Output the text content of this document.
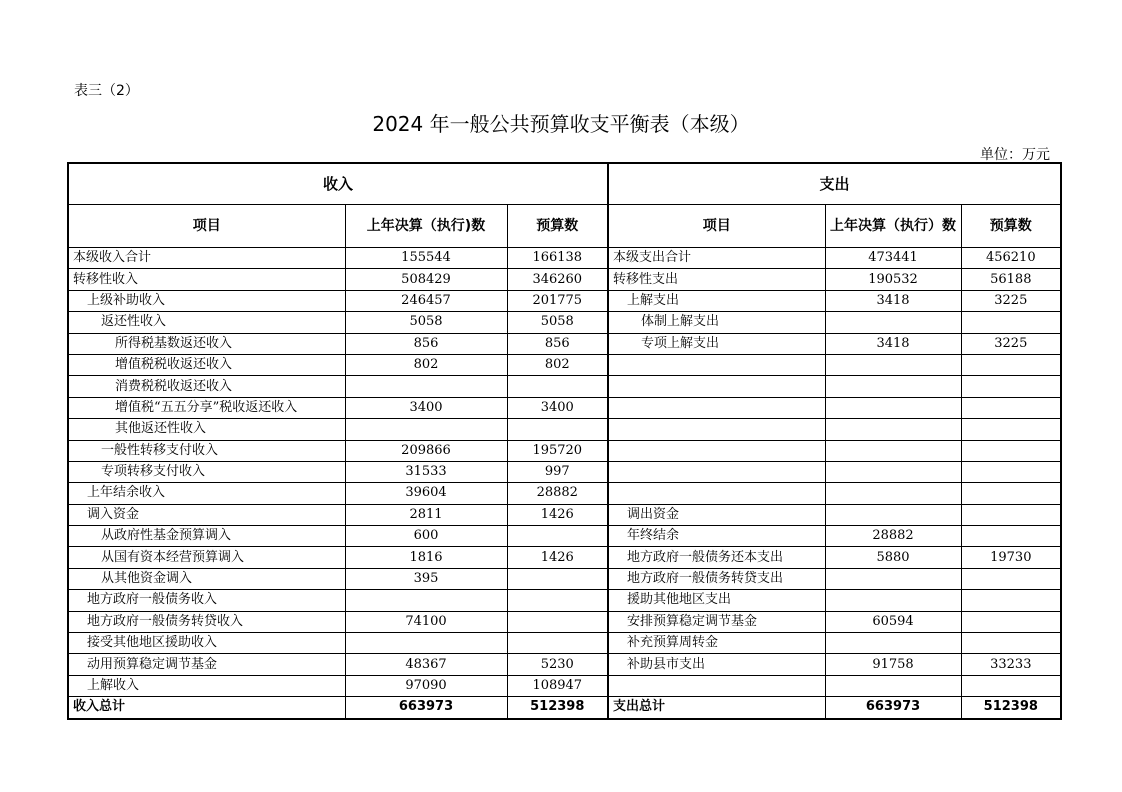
表三（2）
2024 年一般公共预算收支平衡表（本级）
单位：万元
收入			支出		
项目	上年决算（执行)数	预算数	项目	上年决算（执行）数	预算数
本级收入合计	155544	166138	本级支出合计	473441	456210
转移性收入	508429	346260	转移性支出	190532	56188
上级补助收入	246457	201775	上解支出	3418	3225
返还性收入	5058	5058	体制上解支出		
所得税基数返还收入	856	856	专项上解支出	3418	3225
增值税税收返还收入	802	802			
消费税税收返还收入					
增值税“五五分享”税收返还收入	3400	3400			
其他返还性收入					
一般性转移支付收入	209866	195720			
专项转移支付收入	31533	997			
上年结余收入	39604	28882			
调入资金	2811	1426	调出资金		
从政府性基金预算调入	600		年终结余	28882	
从国有资本经营预算调入	1816	1426	地方政府一般债务还本支出	5880	19730
从其他资金调入	395		地方政府一般债务转贷支出		
地方政府一般债务收入			援助其他地区支出		
地方政府一般债务转贷收入	74100		安排预算稳定调节基金	60594	
接受其他地区援助收入			补充预算周转金		
动用预算稳定调节基金	48367	5230	补助县市支出	91758	33233
上解收入	97090	108947			
收入总计	663973	512398	支出总计	663973	512398
